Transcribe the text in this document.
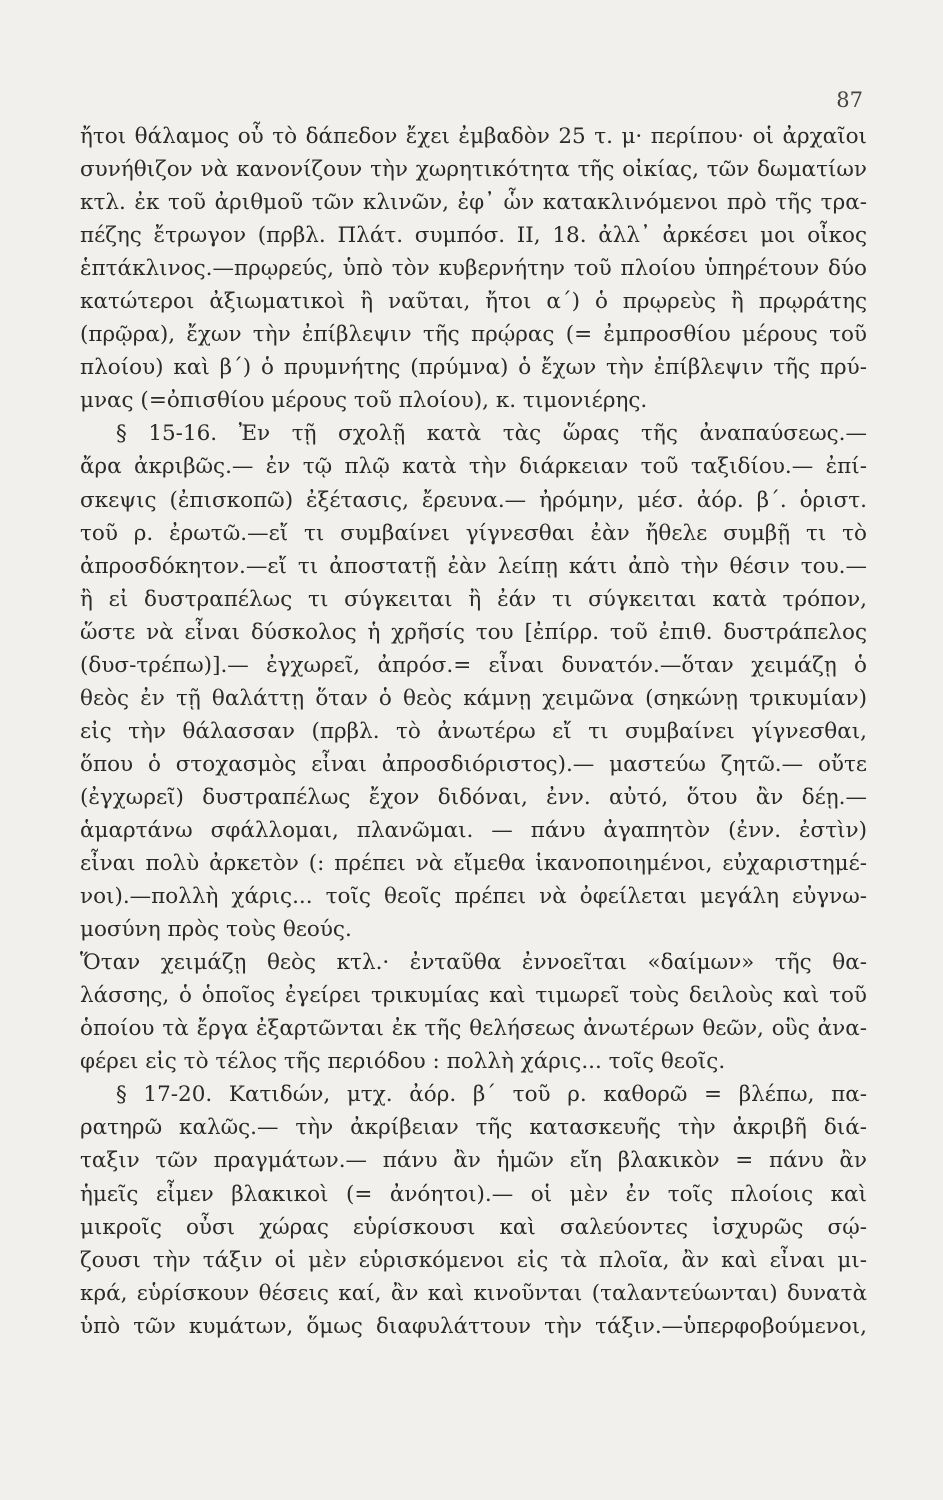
87
ἤτοι θάλαμος οὗ τὸ δάπεδον ἔχει ἐμβαδὸν 25 τ. μ· περίπου· οἱ ἀρχαῖοι
συνήθιζον νὰ κανονίζουν τὴν χωρητικότητα τῆς οἰκίας, τῶν δωματίων
κτλ. ἐκ τοῦ ἀριθμοῦ τῶν κλινῶν, ἐφ᾽ ὧν κατακλινόμενοι πρὸ τῆς τρα-
πέζης ἔτρωγον (πρβλ. Πλάτ. συμπόσ. II, 18. ἀλλ᾽ ἀρκέσει μοι οἶκος
ἑπτάκλινος.—πρῳρεύς, ὑπὸ τὸν κυβερνήτην τοῦ πλοίου ὑπηρέτουν δύο
κατώτεροι ἀξιωματικοὶ ἢ ναῦται, ἤτοι α΄) ὁ πρῳρεὺς ἢ πρῳράτης
(πρῷρα), ἔχων τὴν ἐπίβλεψιν τῆς πρῴρας (= ἐμπροσθίου μέρους τοῦ
πλοίου) καὶ β΄) ὁ πρυμνήτης (πρύμνα) ὁ ἔχων τὴν ἐπίβλεψιν τῆς πρύ-
μνας (=ὀπισθίου μέρους τοῦ πλοίου), κ. τιμονιέρης.
§ 15-16. Ἐν τῇ σχολῇ κατὰ τὰς ὥρας τῆς ἀναπαύσεως.—
ἄρα ἀκριβῶς.— ἐν τῷ πλῷ κατὰ τὴν διάρκειαν τοῦ ταξιδίου.— ἐπί-
σκεψις (ἐπισκοπῶ) ἐξέτασις, ἔρευνα.— ἠρόμην, μέσ. ἀόρ. β΄. ὁριστ.
τοῦ ρ. ἐρωτῶ.—εἴ τι συμβαίνει γίγνεσθαι ἐὰν ἤθελε συμβῇ τι τὸ
ἀπροσδόκητον.—εἴ τι ἀποστατῇ ἐὰν λείπῃ κάτι ἀπὸ τὴν θέσιν του.—
ἢ εἰ δυστραπέλως τι σύγκειται ἢ ἐάν τι σύγκειται κατὰ τρόπον,
ὥστε νὰ εἶναι δύσκολος ἡ χρῆσίς του [ἐπίρρ. τοῦ ἐπιθ. δυστράπελος
(δυσ-τρέπω)].— ἐγχωρεῖ, ἀπρόσ.= εἶναι δυνατόν.—ὅταν χειμάζῃ ὁ
θεὸς ἐν τῇ θαλάττῃ ὅταν ὁ θεὸς κάμνῃ χειμῶνα (σηκώνῃ τρικυμίαν)
εἰς τὴν θάλασσαν (πρβλ. τὸ ἀνωτέρω εἴ τι συμβαίνει γίγνεσθαι,
ὅπου ὁ στοχασμὸς εἶναι ἀπροσδιόριστος).— μαστεύω ζητῶ.— οὔτε
(ἐγχωρεῖ) δυστραπέλως ἔχον διδόναι, ἐνν. αὐτό, ὅτου ἂν δέῃ.—
ἁμαρτάνω σφάλλομαι, πλανῶμαι. — πάνυ ἀγαπητὸν (ἐνν. ἐστὶν)
εἶναι πολὺ ἀρκετὸν (: πρέπει νὰ εἴμεθα ἱκανοποιημένοι, εὐχαριστημέ-
νοι).—πολλὴ χάρις... τοῖς θεοῖς πρέπει νὰ ὀφείλεται μεγάλη εὐγνω-
μοσύνη πρὸς τοὺς θεούς.
Ὅταν χειμάζῃ θεὸς κτλ.· ἐνταῦθα ἐννοεῖται «δαίμων» τῆς θα-
λάσσης, ὁ ὁποῖος ἐγείρει τρικυμίας καὶ τιμωρεῖ τοὺς δειλοὺς καὶ τοῦ
ὁποίου τὰ ἔργα ἐξαρτῶνται ἐκ τῆς θελήσεως ἀνωτέρων θεῶν, οὓς ἀνα-
φέρει εἰς τὸ τέλος τῆς περιόδου : πολλὴ χάρις... τοῖς θεοῖς.
§ 17-20. Κατιδών, μτχ. ἀόρ. β΄ τοῦ ρ. καθορῶ = βλέπω, πα-
ρατηρῶ καλῶς.— τὴν ἀκρίβειαν τῆς κατασκευῆς τὴν ἀκριβῆ διά-
ταξιν τῶν πραγμάτων.— πάνυ ἂν ἡμῶν εἴη βλακικὸν = πάνυ ἂν
ἡμεῖς εἶμεν βλακικοὶ (= ἀνόητοι).— οἱ μὲν ἐν τοῖς πλοίοις καὶ
μικροῖς οὖσι χώρας εὑρίσκουσι καὶ σαλεύοντες ἰσχυρῶς σῴ-
ζουσι τὴν τάξιν οἱ μὲν εὑρισκόμενοι εἰς τὰ πλοῖα, ἂν καὶ εἶναι μι-
κρά, εὑρίσκουν θέσεις καί, ἂν καὶ κινοῦνται (ταλαντεύωνται) δυνατὰ
ὑπὸ τῶν κυμάτων, ὅμως διαφυλάττουν τὴν τάξιν.—ὑπερφοβούμενοι,
